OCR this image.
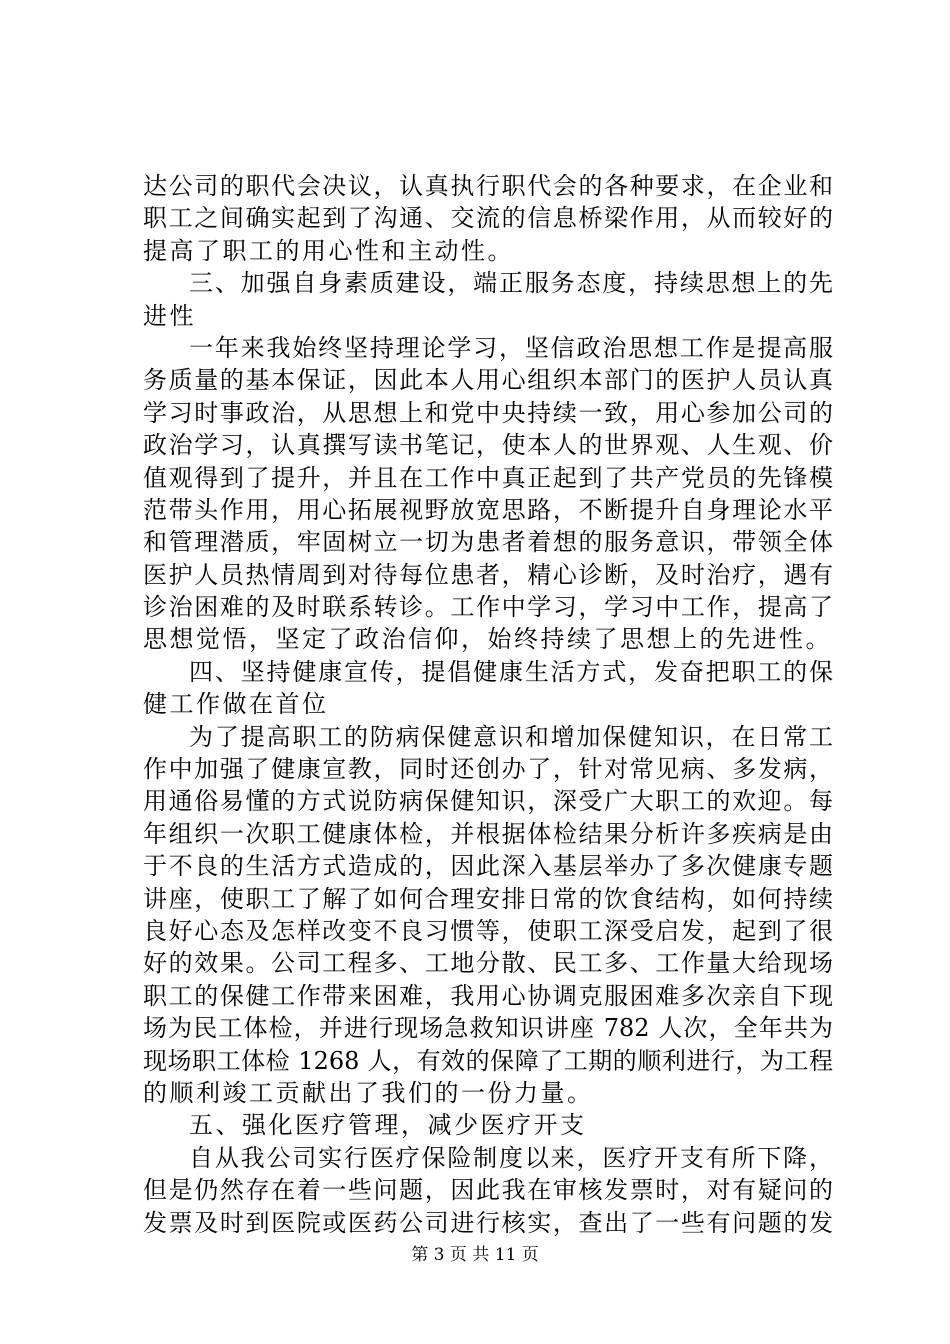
达公司的职代会决议，认真执行职代会的各种要求，在企业和
职工之间确实起到了沟通、交流的信息桥梁作用，从而较好的
提高了职工的用心性和主动性。
三、加强自身素质建设，端正服务态度，持续思想上的先
进性
一年来我始终坚持理论学习，坚信政治思想工作是提高服
务质量的基本保证，因此本人用心组织本部门的医护人员认真
学习时事政治，从思想上和党中央持续一致，用心参加公司的
政治学习，认真撰写读书笔记，使本人的世界观、人生观、价
值观得到了提升，并且在工作中真正起到了共产党员的先锋模
范带头作用，用心拓展视野放宽思路，不断提升自身理论水平
和管理潜质，牢固树立一切为患者着想的服务意识，带领全体
医护人员热情周到对待每位患者，精心诊断，及时治疗，遇有
诊治困难的及时联系转诊。工作中学习，学习中工作，提高了
思想觉悟，坚定了政治信仰，始终持续了思想上的先进性。
四、坚持健康宣传，提倡健康生活方式，发奋把职工的保
健工作做在首位
为了提高职工的防病保健意识和增加保健知识，在日常工
作中加强了健康宣教，同时还创办了，针对常见病、多发病，
用通俗易懂的方式说防病保健知识，深受广大职工的欢迎。每
年组织一次职工健康体检，并根据体检结果分析许多疾病是由
于不良的生活方式造成的，因此深入基层举办了多次健康专题
讲座，使职工了解了如何合理安排日常的饮食结构，如何持续
良好心态及怎样改变不良习惯等，使职工深受启发，起到了很
好的效果。公司工程多、工地分散、民工多、工作量大给现场
职工的保健工作带来困难，我用心协调克服困难多次亲自下现
场为民工体检，并进行现场急救知识讲座 782 人次，全年共为
现场职工体检 1268 人，有效的保障了工期的顺利进行，为工程
的顺利竣工贡献出了我们的一份力量。
五、强化医疗管理，减少医疗开支
自从我公司实行医疗保险制度以来，医疗开支有所下降，
但是仍然存在着一些问题，因此我在审核发票时，对有疑问的
发票及时到医院或医药公司进行核实，查出了一些有问题的发
第 3 页 共 11 页
